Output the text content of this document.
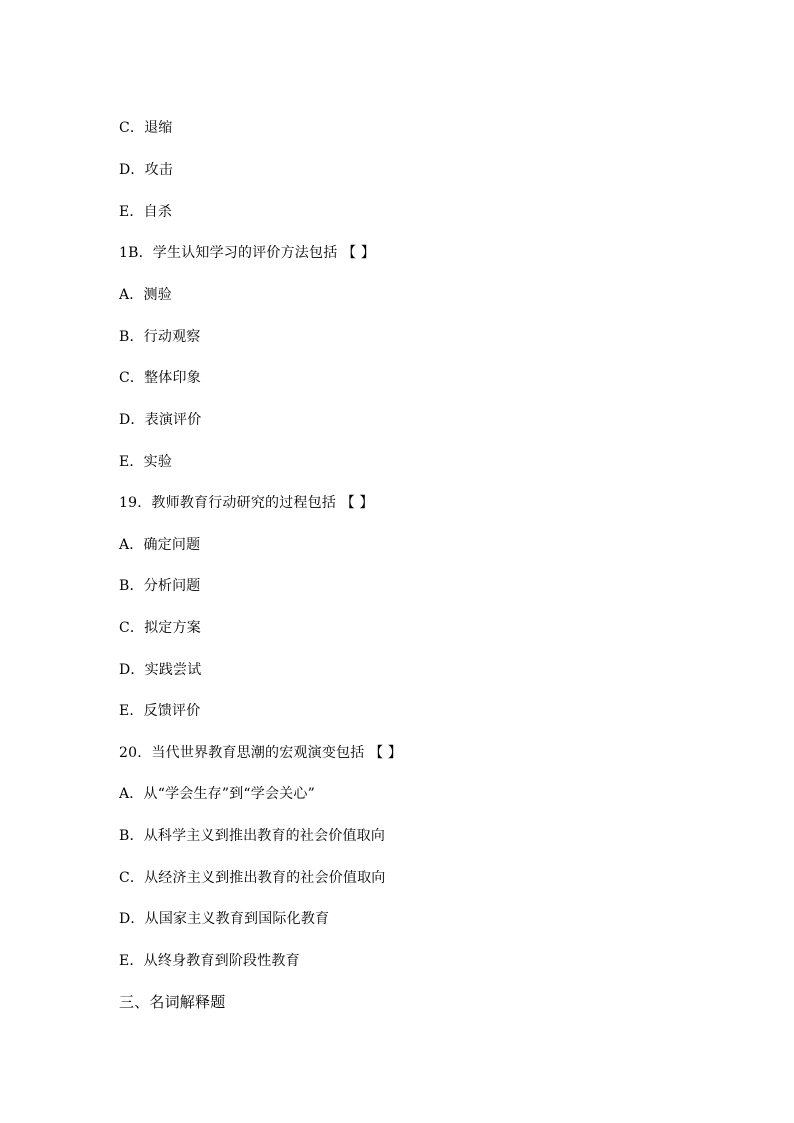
C．退缩
D．攻击
E．自杀
1B．学生认知学习的评价方法包括 【 】
A．测验
B．行动观察
C．整体印象
D．表演评价
E．实验
19．教师教育行动研究的过程包括 【 】
A．确定问题
B．分析问题
C．拟定方案
D．实践尝试
E．反馈评价
20．当代世界教育思潮的宏观演变包括 【 】
A．从“学会生存”到“学会关心”
B．从科学主义到推出教育的社会价值取向
C．从经济主义到推出教育的社会价值取向
D．从国家主义教育到国际化教育
E．从终身教育到阶段性教育
三、名词解释题
